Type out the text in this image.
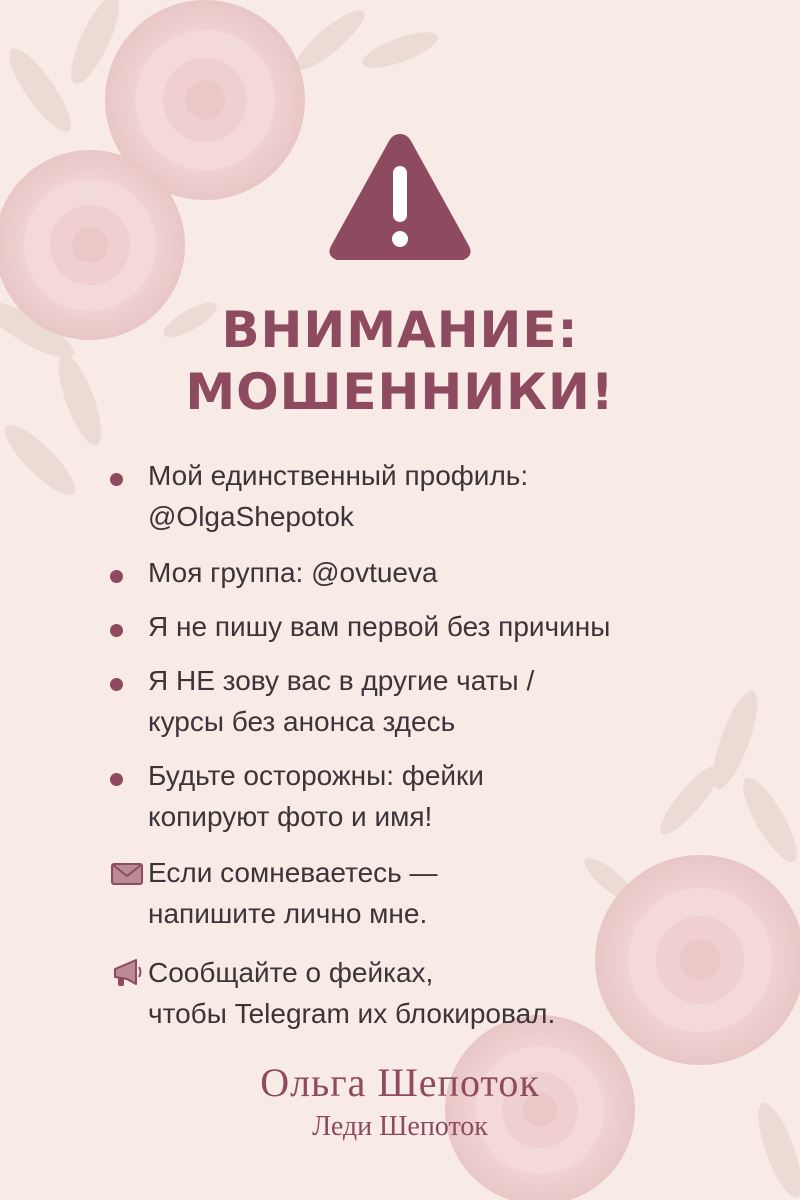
ВНИМАНИЕ:
МОШЕННИКИ!
Мой единственный профиль:
@OlgaShepotok
Моя группа: @ovtueva
Я не пишу вам первой без причины
Я НЕ зову вас в другие чаты /
курсы без анонса здесь
Будьте осторожны: фейки
копируют фото и имя!
Если сомневаетесь —
напишите лично мне.
Сообщайте о фейках,
чтобы Telegram их блокировал.
Ольга Шепоток
Леди Шепоток
